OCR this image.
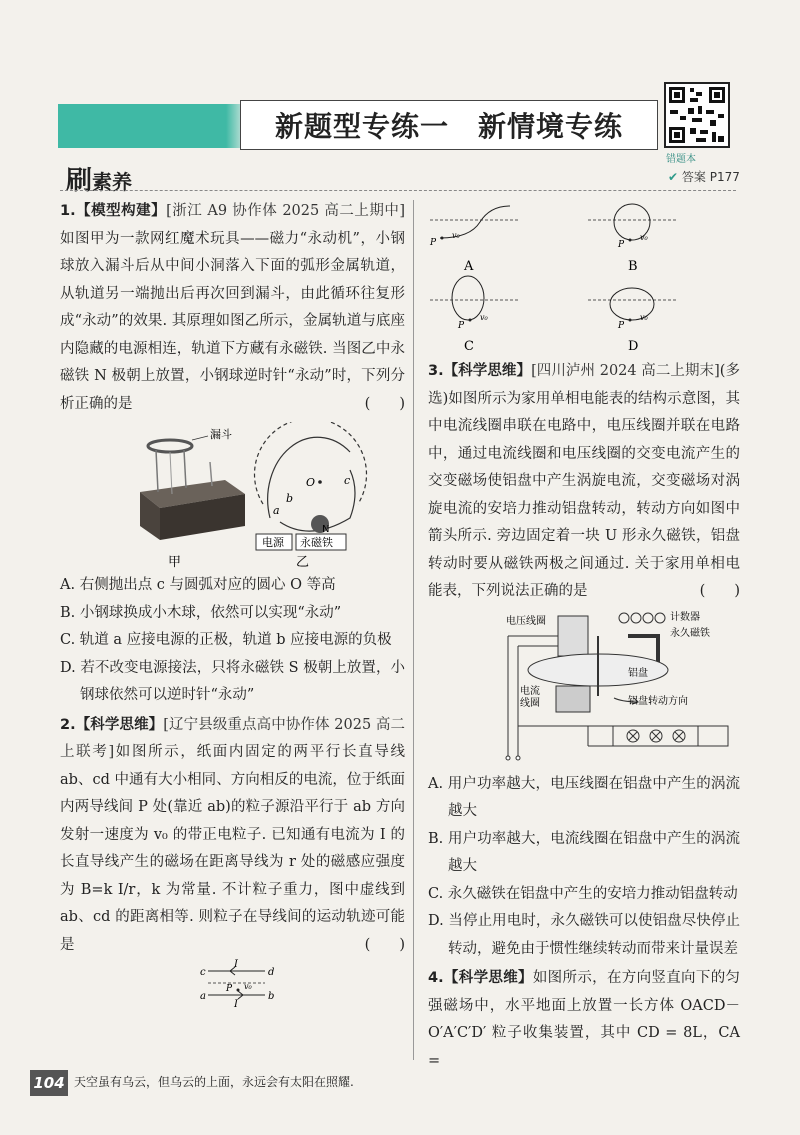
新题型专练一　新情境专练
错题本
刷素养	✔ 答案 P177
1.【模型构建】[浙江 A9 协作体 2025 高二上期中]如图甲为一款网红魔术玩具——磁力“永动机”，小钢球放入漏斗后从中间小洞落入下面的弧形金属轨道，从轨道另一端抛出后再次回到漏斗，由此循环往复形成“永动”的效果. 其原理如图乙所示，金属轨道与底座内隐藏的电源相连，轨道下方藏有永磁铁. 当图乙中永磁铁 N 极朝上放置，小钢球逆时针“永动”时，下列分析正确的是	(　　)
漏斗
甲
O	c
a
b
电源 永磁铁
N
乙
A. 右侧抛出点 c 与圆弧对应的圆心 O 等高
B. 小钢球换成小木球，依然可以实现“永动”
C. 轨道 a 应接电源的正极，轨道 b 应接电源的负极
D. 若不改变电源接法，只将永磁铁 S 极朝上放置，小钢球依然可以逆时针“永动”
2.【科学思维】[辽宁县级重点高中协作体 2025 高二上联考]如图所示，纸面内固定的两平行长直导线 ab、cd 中通有大小相同、方向相反的电流，位于纸面内两导线间 P 处(靠近 ab)的粒子源沿平行于 ab 方向发射一速度为 v₀ 的带正电粒子. 已知通有电流为 I 的长直导线产生的磁场在距离导线为 r 处的磁感应强度为 B=k I/r，k 为常量. 不计粒子重力，图中虚线到 ab、cd 的距离相等. 则粒子在导线间的运动轨迹可能是	(　　)
c
I
d
a
I
b
P v₀
P
v₀
A
P
v₀
B
P
v₀
C
P
v₀
D
3.【科学思维】[四川泸州 2024 高二上期末](多选)如图所示为家用单相电能表的结构示意图，其中电流线圈串联在电路中，电压线圈并联在电路中，通过电流线圈和电压线圈的交变电流产生的交变磁场使铝盘中产生涡旋电流，交变磁场对涡旋电流的安培力推动铝盘转动，转动方向如图中箭头所示. 旁边固定着一块 U 形永久磁铁，铝盘转动时要从磁铁两极之间通过. 关于家用单相电能表，下列说法正确的是	(　　)
电压线圈	计数器
永久磁铁
铝盘
电流
线圈	铝盘转动方向
A. 用户功率越大，电压线圈在铝盘中产生的涡流越大
B. 用户功率越大，电流线圈在铝盘中产生的涡流越大
C. 永久磁铁在铝盘中产生的安培力推动铝盘转动
D. 当停止用电时，永久磁铁可以使铝盘尽快停止转动，避免由于惯性继续转动而带来计量误差
4.【科学思维】如图所示，在方向竖直向下的匀强磁场中，水平地面上放置一长方体 OACD－O′A′C′D′ 粒子收集装置，其中 CD = 8L，CA =
104 天空虽有乌云，但乌云的上面，永远会有太阳在照耀.
